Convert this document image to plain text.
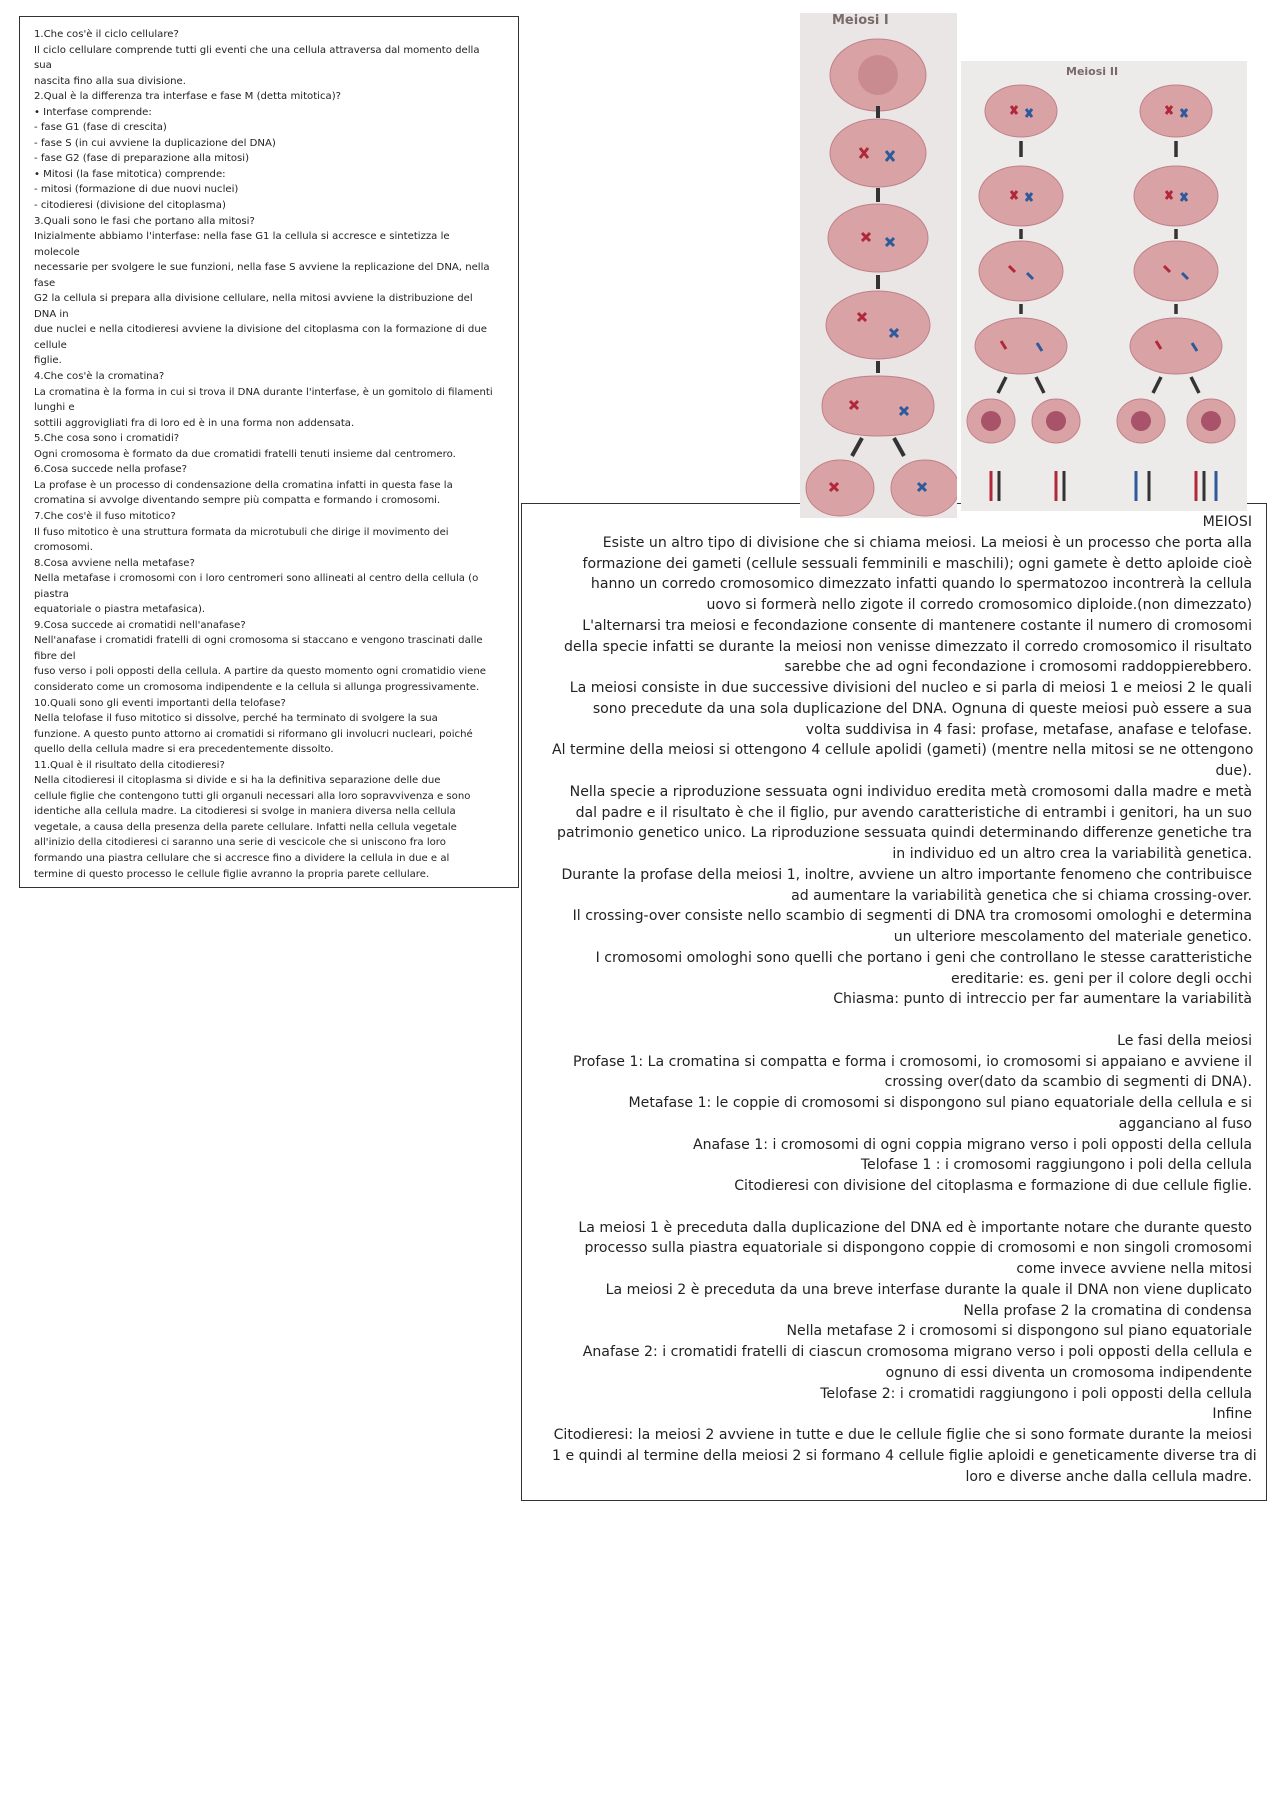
1.Che cos'è il ciclo cellulare?
Il ciclo cellulare comprende tutti gli eventi che una cellula attraversa dal momento della
sua
nascita fino alla sua divisione.
2.Qual è la differenza tra interfase e fase M (detta mitotica)?
• Interfase comprende:
- fase G1 (fase di crescita)
- fase S (in cui avviene la duplicazione del DNA)
- fase G2 (fase di preparazione alla mitosi)
• Mitosi (la fase mitotica) comprende:
- mitosi (formazione di due nuovi nuclei)
- citodieresi (divisione del citoplasma)
3.Quali sono le fasi che portano alla mitosi?
Inizialmente abbiamo l'interfase: nella fase G1 la cellula si accresce e sintetizza le
molecole
necessarie per svolgere le sue funzioni, nella fase S avviene la replicazione del DNA, nella
fase
G2 la cellula si prepara alla divisione cellulare, nella mitosi avviene la distribuzione del
DNA in
due nuclei e nella citodieresi avviene la divisione del citoplasma con la formazione di due
cellule
figlie.
4.Che cos'è la cromatina?
La cromatina è la forma in cui si trova il DNA durante l'interfase, è un gomitolo di filamenti
lunghi e
sottili aggrovigliati fra di loro ed è in una forma non addensata.
5.Che cosa sono i cromatidi?
Ogni cromosoma è formato da due cromatidi fratelli tenuti insieme dal centromero.
6.Cosa succede nella profase?
La profase è un processo di condensazione della cromatina infatti in questa fase la
cromatina si avvolge diventando sempre più compatta e formando i cromosomi.
7.Che cos'è il fuso mitotico?
Il fuso mitotico è una struttura formata da microtubuli che dirige il movimento dei
cromosomi.
8.Cosa avviene nella metafase?
Nella metafase i cromosomi con i loro centromeri sono allineati al centro della cellula (o
piastra
equatoriale o piastra metafasica).
9.Cosa succede ai cromatidi nell'anafase?
Nell'anafase i cromatidi fratelli di ogni cromosoma si staccano e vengono trascinati dalle
fibre del
fuso verso i poli opposti della cellula. A partire da questo momento ogni cromatidio viene
considerato come un cromosoma indipendente e la cellula si allunga progressivamente.
10.Quali sono gli eventi importanti della telofase?
Nella telofase il fuso mitotico si dissolve, perché ha terminato di svolgere la sua
funzione. A questo punto attorno ai cromatidi si riformano gli involucri nucleari, poiché
quello della cellula madre si era precedentemente dissolto.
11.Qual è il risultato della citodieresi?
Nella citodieresi il citoplasma si divide e si ha la definitiva separazione delle due
cellule figlie che contengono tutti gli organuli necessari alla loro sopravvivenza e sono
identiche alla cellula madre. La citodieresi si svolge in maniera diversa nella cellula
vegetale, a causa della presenza della parete cellulare. Infatti nella cellula vegetale
all'inizio della citodieresi ci saranno una serie di vescicole che si uniscono fra loro
formando una piastra cellulare che si accresce fino a dividere la cellula in due e al
termine di questo processo le cellule figlie avranno la propria parete cellulare.
MEIOSI
Esiste un altro tipo di divisione che si chiama meiosi. La meiosi è un processo che porta alla
formazione dei gameti (cellule sessuali femminili e maschili); ogni gamete è detto aploide cioè
hanno un corredo cromosomico dimezzato infatti quando lo spermatozoo incontrerà la cellula
uovo si formerà nello zigote il corredo cromosomico diploide.(non dimezzato)
L'alternarsi tra meiosi e fecondazione consente di mantenere costante il numero di cromosomi
della specie infatti se durante la meiosi non venisse dimezzato il corredo cromosomico il risultato
sarebbe che ad ogni fecondazione i cromosomi raddoppierebbero.
La meiosi consiste in due successive divisioni del nucleo e si parla di meiosi 1 e meiosi 2 le quali
sono precedute da una sola duplicazione del DNA. Ognuna di queste meiosi può essere a sua
volta suddivisa in 4 fasi: profase, metafase, anafase e telofase.
Al termine della meiosi si ottengono 4 cellule apolidi (gameti) (mentre nella mitosi se ne ottengono
due).
Nella specie a riproduzione sessuata ogni individuo eredita metà cromosomi dalla madre e metà
dal padre e il risultato è che il figlio, pur avendo caratteristiche di entrambi i genitori, ha un suo
patrimonio genetico unico. La riproduzione sessuata quindi determinando differenze genetiche tra
in individuo ed un altro crea la variabilità genetica.
Durante la profase della meiosi 1, inoltre, avviene un altro importante fenomeno che contribuisce
ad aumentare la variabilità genetica che si chiama crossing-over.
Il crossing-over consiste nello scambio di segmenti di DNA tra cromosomi omologhi e determina
un ulteriore mescolamento del materiale genetico.
I cromosomi omologhi sono quelli che portano i geni che controllano le stesse caratteristiche
ereditarie: es. geni per il colore degli occhi
Chiasma: punto di intreccio per far aumentare la variabilità
Le fasi della meiosi
Profase 1: La cromatina si compatta e forma i cromosomi, io cromosomi si appaiano e avviene il
crossing over(dato da scambio di segmenti di DNA).
Metafase 1: le coppie di cromosomi si dispongono sul piano equatoriale della cellula e si
agganciano al fuso
Anafase 1: i cromosomi di ogni coppia migrano verso i poli opposti della cellula
Telofase 1 : i cromosomi raggiungono i poli della cellula
Citodieresi con divisione del citoplasma e formazione di due cellule figlie.
La meiosi 1 è preceduta dalla duplicazione del DNA ed è importante notare che durante questo
processo sulla piastra equatoriale si dispongono coppie di cromosomi e non singoli cromosomi
come invece avviene nella mitosi
La meiosi 2 è preceduta da una breve interfase durante la quale il DNA non viene duplicato
Nella profase 2 la cromatina di condensa
Nella metafase 2 i cromosomi si dispongono sul piano equatoriale
Anafase 2: i cromatidi fratelli di ciascun cromosoma migrano verso i poli opposti della cellula e
ognuno di essi diventa un cromosoma indipendente
Telofase 2: i cromatidi raggiungono i poli opposti della cellula
Infine
Citodieresi: la meiosi 2 avviene in tutte e due le cellule figlie che si sono formate durante la meiosi
1 e quindi al termine della meiosi 2 si formano 4 cellule figlie aploidi e geneticamente diverse tra di
loro e diverse anche dalla cellula madre.
Meiosi I
Meiosi II
